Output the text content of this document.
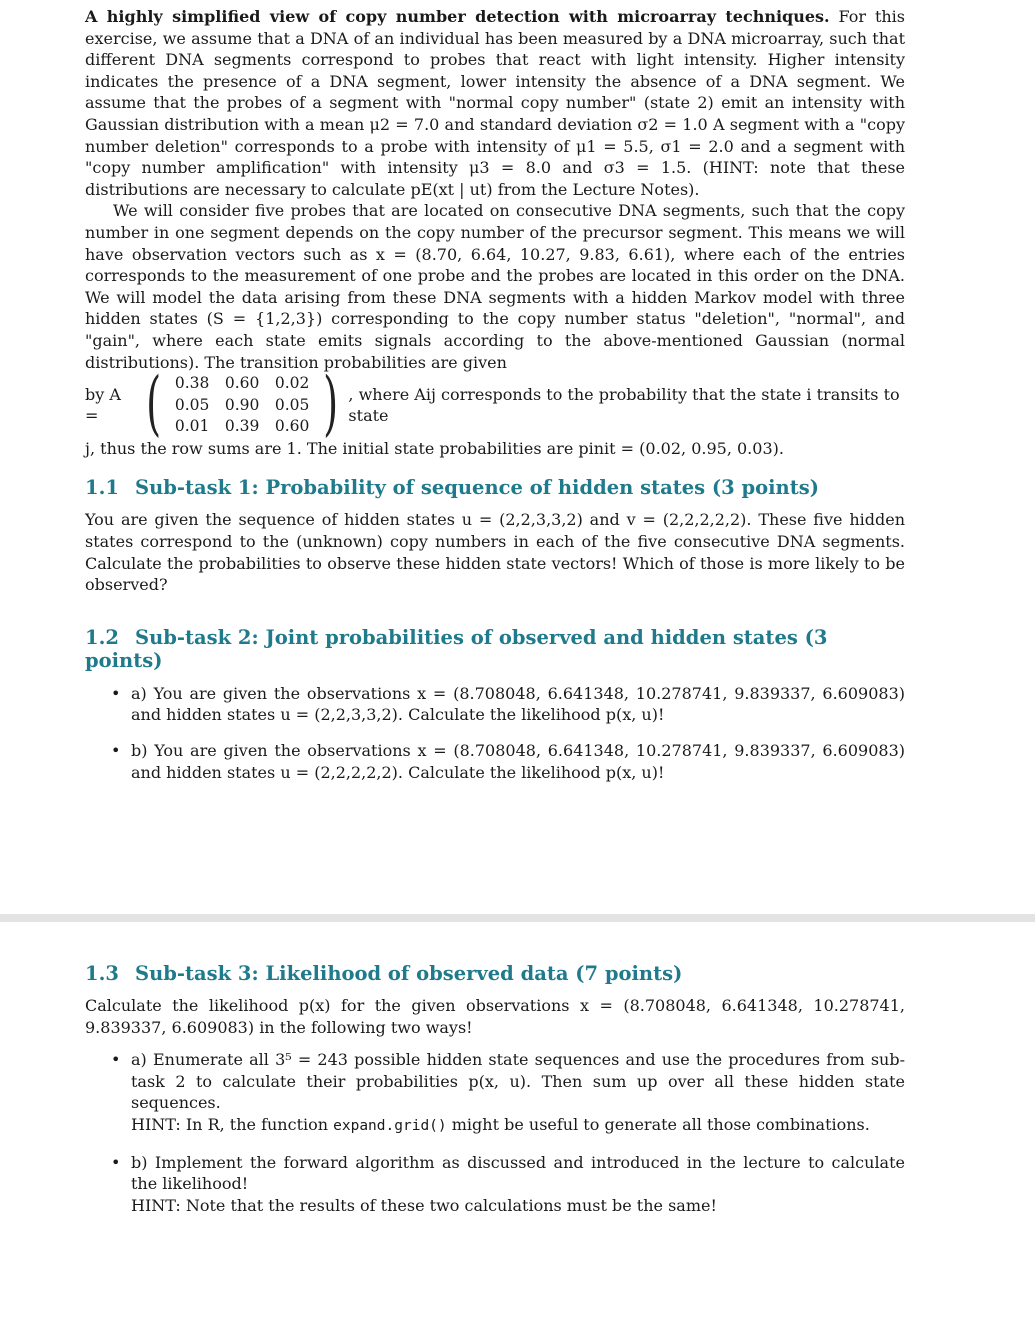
A highly simplified view of copy number detection with microarray techniques. For this exercise, we assume that a DNA of an individual has been measured by a DNA microarray, such that different DNA segments correspond to probes that react with light intensity. Higher intensity indicates the presence of a DNA segment, lower intensity the absence of a DNA segment. We assume that the probes of a segment with "normal copy number" (state 2) emit an intensity with Gaussian distribution with a mean μ2 = 7.0 and standard deviation σ2 = 1.0 A segment with a "copy number deletion" corresponds to a probe with intensity of μ1 = 5.5, σ1 = 2.0 and a segment with "copy number amplification" with intensity μ3 = 8.0 and σ3 = 1.5. (HINT: note that these distributions are necessary to calculate pE(xt | ut) from the Lecture Notes).

We will consider five probes that are located on consecutive DNA segments, such that the copy number in one segment depends on the copy number of the precursor segment. This means we will have observation vectors such as x = (8.70, 6.64, 10.27, 9.83, 6.61), where each of the entries corresponds to the measurement of one probe and the probes are located in this order on the DNA. We will model the data arising from these DNA segments with a hidden Markov model with three hidden states (S = {1,2,3}) corresponding to the copy number status "deletion", "normal", and "gain", where each state emits signals according to the above-mentioned Gaussian (normal distributions). The transition probabilities are given

by A = ( 0.38 0.60 0.02
0.05 0.90 0.05
0.01 0.39 0.60 ) , where Aij corresponds to the probability that the state i transits to state

j, thus the row sums are 1. The initial state probabilities are pinit = (0.02, 0.95, 0.03).

1.1 Sub-task 1: Probability of sequence of hidden states (3 points)

You are given the sequence of hidden states u = (2,2,3,3,2) and v = (2,2,2,2,2). These five hidden states correspond to the (unknown) copy numbers in each of the five consecutive DNA segments. Calculate the probabilities to observe these hidden state vectors! Which of those is more likely to be observed?

1.2 Sub-task 2: Joint probabilities of observed and hidden states (3 points)
• a) You are given the observations x = (8.708048, 6.641348, 10.278741, 9.839337, 6.609083) and hidden states u = (2,2,3,3,2). Calculate the likelihood p(x, u)!
• b) You are given the observations x = (8.708048, 6.641348, 10.278741, 9.839337, 6.609083) and hidden states u = (2,2,2,2,2). Calculate the likelihood p(x, u)!
1.3 Sub-task 3: Likelihood of observed data (7 points)

Calculate the likelihood p(x) for the given observations x = (8.708048, 6.641348, 10.278741, 9.839337, 6.609083) in the following two ways!

• a) Enumerate all 3⁵ = 243 possible hidden state sequences and use the procedures from sub-task 2 to calculate their probabilities p(x, u). Then sum up over all these hidden state sequences.
HINT: In R, the function expand.grid() might be useful to generate all those combinations.
• b) Implement the forward algorithm as discussed and introduced in the lecture to calculate the likelihood!
HINT: Note that the results of these two calculations must be the same!
